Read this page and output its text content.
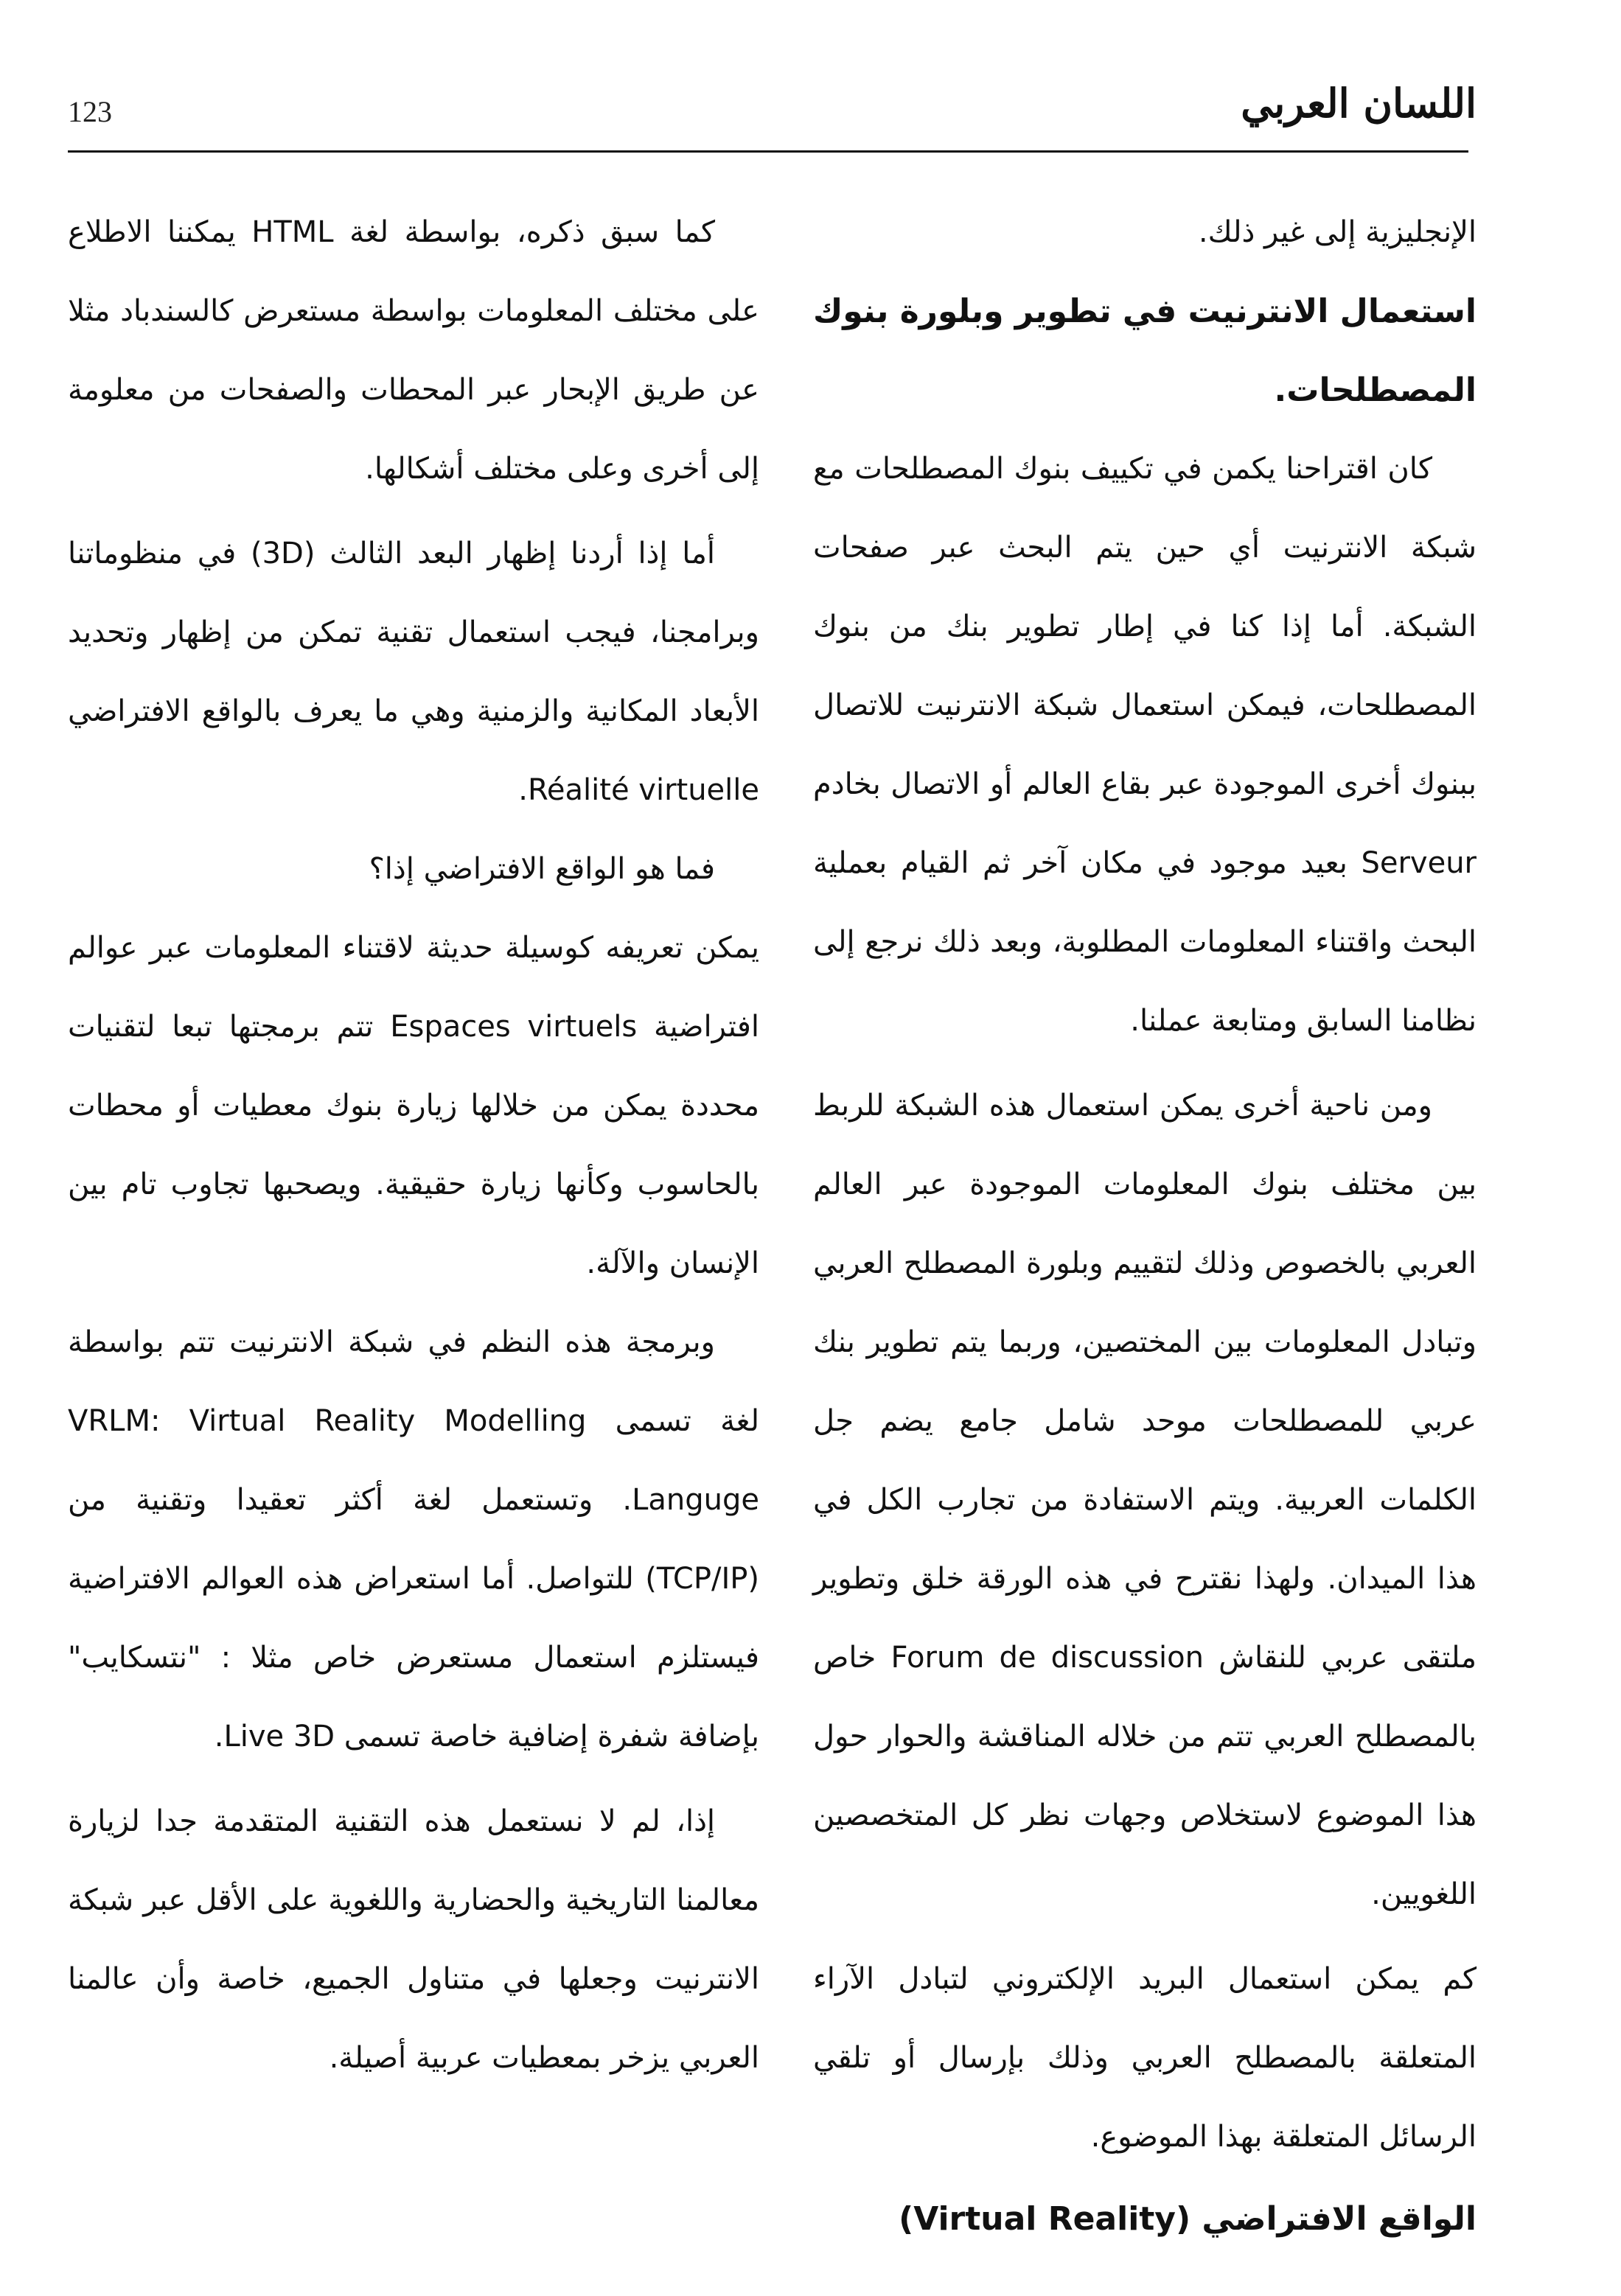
123	اللسان العربي

الإنجليزية إلى غير ذلك.

استعمال الانترنيت في تطوير وبلورة بنوك المصطلحات.

كان اقتراحنا يكمن في تكييف بنوك المصطلحات مع شبكة الانترنيت أي حين يتم البحث عبر صفحات الشبكة. أما إذا كنا في إطار تطوير بنك من بنوك المصطلحات، فيمكن استعمال شبكة الانترنيت للاتصال ببنوك أخرى الموجودة عبر بقاع العالم أو الاتصال بخادم Serveur بعيد موجود في مكان آخر ثم القيام بعملية البحث واقتناء المعلومات المطلوبة، وبعد ذلك نرجع إلى نظامنا السابق ومتابعة عملنا.

ومن ناحية أخرى يمكن استعمال هذه الشبكة للربط بين مختلف بنوك المعلومات الموجودة عبر العالم العربي بالخصوص وذلك لتقييم وبلورة المصطلح العربي وتبادل المعلومات بين المختصين، وربما يتم تطوير بنك عربي للمصطلحات موحد شامل جامع يضم جل الكلمات العربية. ويتم الاستفادة من تجارب الكل في هذا الميدان. ولهذا نقترح في هذه الورقة خلق وتطوير ملتقى عربي للنقاش Forum de discussion خاص بالمصطلح العربي تتم من خلاله المناقشة والحوار حول هذا الموضوع لاستخلاص وجهات نظر كل المتخصصين اللغويين.

كم يمكن استعمال البريد الإلكتروني لتبادل الآراء المتعلقة بالمصطلح العربي وذلك بإرسال أو تلقي الرسائل المتعلقة بهذا الموضوع.

الواقع الافتراضي (Virtual Reality)

كما سبق ذكره، بواسطة لغة HTML يمكننا الاطلاع على مختلف المعلومات بواسطة مستعرض كالسندباد مثلا عن طريق الإبحار عبر المحطات والصفحات من معلومة إلى أخرى وعلى مختلف أشكالها.

أما إذا أردنا إظهار البعد الثالث (3D) في منظوماتنا وبرامجنا، فيجب استعمال تقنية تمكن من إظهار وتحديد الأبعاد المكانية والزمنية وهي ما يعرف بالواقع الافتراضي Réalité virtuelle.

فما هو الواقع الافتراضي إذا؟

يمكن تعريفه كوسيلة حديثة لاقتناء المعلومات عبر عوالم افتراضية Espaces virtuels تتم برمجتها تبعا لتقنيات محددة يمكن من خلالها زيارة بنوك معطيات أو محطات بالحاسوب وكأنها زيارة حقيقية. ويصحبها تجاوب تام بين الإنسان والآلة.

وبرمجة هذه النظم في شبكة الانترنيت تتم بواسطة لغة تسمى VRLM: Virtual Reality Modelling Languge. وتستعمل لغة أكثر تعقيدا وتقنية من (TCP/IP) للتواصل. أما استعراض هذه العوالم الافتراضية فيستلزم استعمال مستعرض خاص مثلا : "نتسكايب" بإضافة شفرة إضافية خاصة تسمى Live 3D.

إذا، لم لا نستعمل هذه التقنية المتقدمة جدا لزيارة معالمنا التاريخية والحضارية واللغوية على الأقل عبر شبكة الانترنيت وجعلها في متناول الجميع، خاصة وأن عالمنا العربي يزخر بمعطيات عربية أصيلة.
